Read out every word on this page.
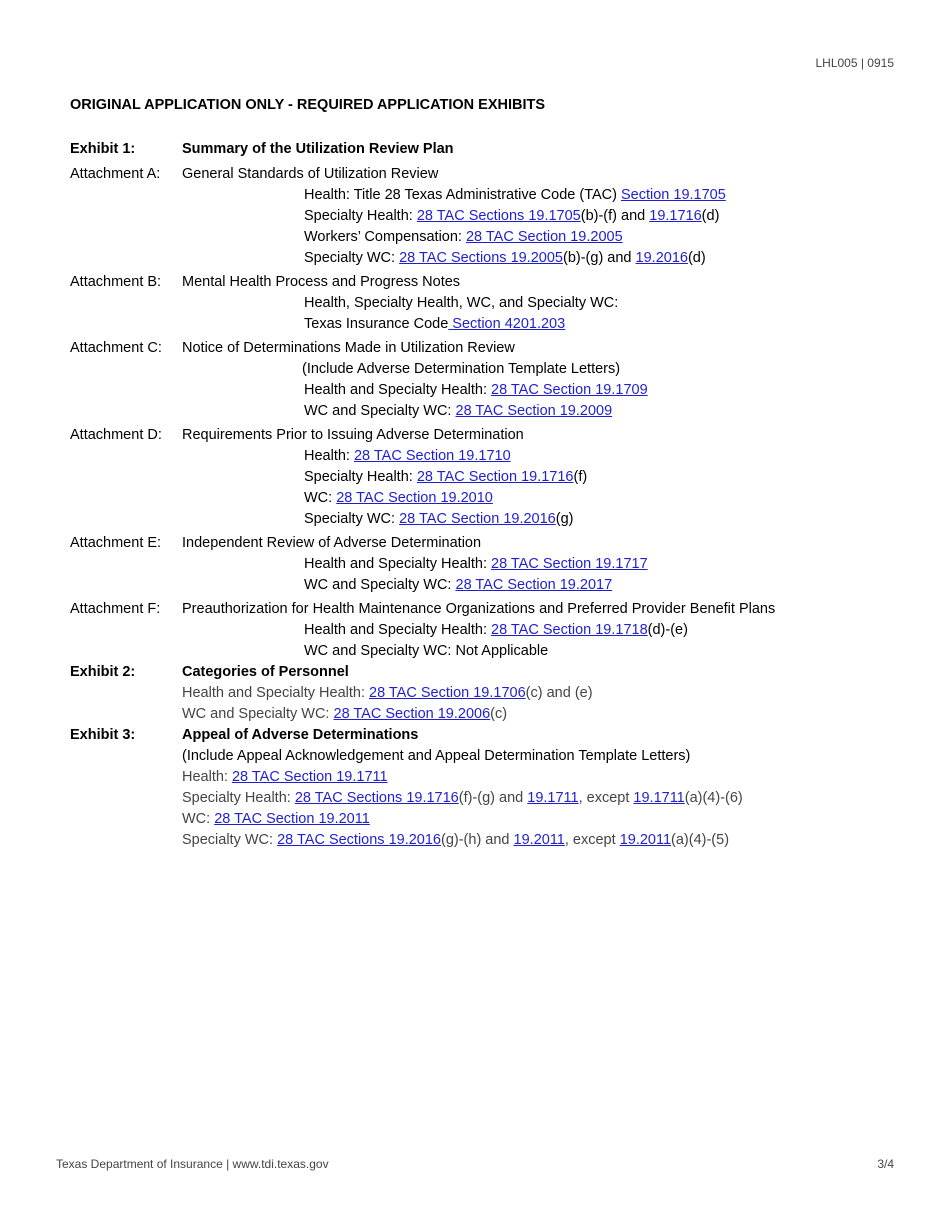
LHL005 | 0915
ORIGINAL APPLICATION ONLY - REQUIRED APPLICATION EXHIBITS
Exhibit 1:	Summary of the Utilization Review Plan
Attachment A: General Standards of Utilization Review
Health: Title 28 Texas Administrative Code (TAC) Section 19.1705
Specialty Health: 28 TAC Sections 19.1705(b)-(f) and 19.1716(d)
Workers’ Compensation: 28 TAC Section 19.2005
Specialty WC: 28 TAC Sections 19.2005(b)-(g) and 19.2016(d)
Attachment B: Mental Health Process and Progress Notes
Health, Specialty Health, WC, and Specialty WC:
Texas Insurance Code Section 4201.203
Attachment C: Notice of Determinations Made in Utilization Review
(Include Adverse Determination Template Letters)
Health and Specialty Health: 28 TAC Section 19.1709
WC and Specialty WC: 28 TAC Section 19.2009
Attachment D: Requirements Prior to Issuing Adverse Determination
Health: 28 TAC Section 19.1710
Specialty Health: 28 TAC Section 19.1716(f)
WC: 28 TAC Section 19.2010
Specialty WC: 28 TAC Section 19.2016(g)
Attachment E: Independent Review of Adverse Determination
Health and Specialty Health: 28 TAC Section 19.1717
WC and Specialty WC: 28 TAC Section 19.2017
Attachment F: Preauthorization for Health Maintenance Organizations and Preferred Provider Benefit Plans
Health and Specialty Health: 28 TAC Section 19.1718(d)-(e)
WC and Specialty WC: Not Applicable
Exhibit 2:	Categories of Personnel
Health and Specialty Health: 28 TAC Section 19.1706(c) and (e)
WC and Specialty WC: 28 TAC Section 19.2006(c)
Exhibit 3:	Appeal of Adverse Determinations
(Include Appeal Acknowledgement and Appeal Determination Template Letters)
Health: 28 TAC Section 19.1711
Specialty Health: 28 TAC Sections 19.1716(f)-(g) and 19.1711, except 19.1711(a)(4)-(6)
WC: 28 TAC Section 19.2011
Specialty WC: 28 TAC Sections 19.2016(g)-(h) and 19.2011, except 19.2011(a)(4)-(5)
Texas Department of Insurance | www.tdi.texas.gov	3/4
